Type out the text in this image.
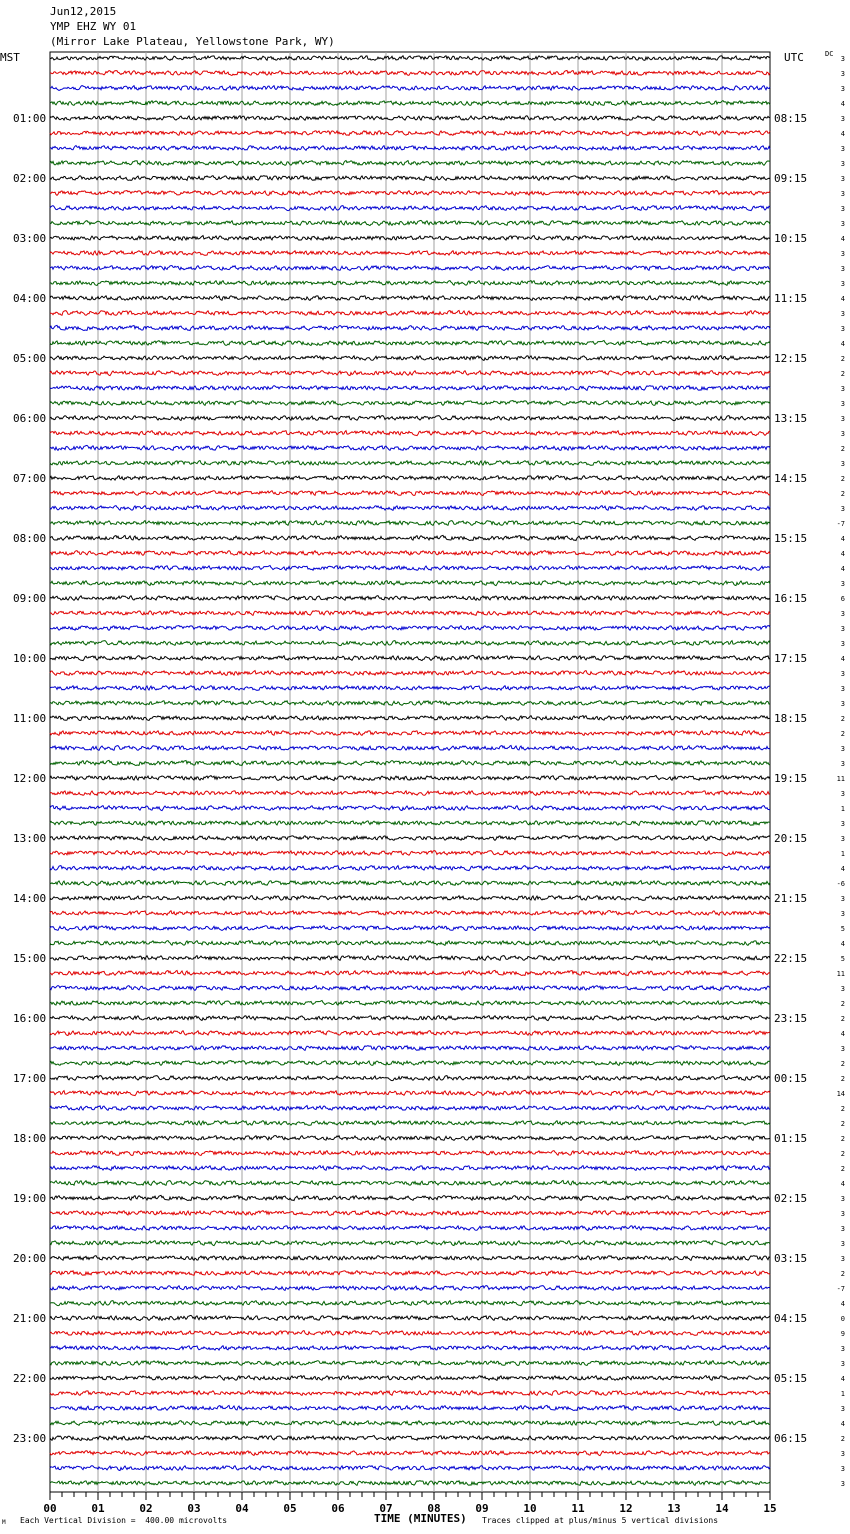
Jun12,2015
YMP EHZ WY 01
(Mirror Lake Plateau, Yellowstone Park, WY)
MST	UTC
01:00
02:00
03:00
04:00
05:00
06:00
07:00
08:00
09:00
10:00
11:00
12:00
13:00
14:00
15:00
16:00
17:00
18:00
19:00
20:00
21:00
22:00
23:00
08:15
09:15
10:15
11:15
12:15
13:15
14:15
15:15
16:15
17:15
18:15
19:15
20:15
21:15
22:15
23:15
00:15
01:15
02:15
03:15
04:15
05:15
06:15
DC
3
3
3
4
3
4
3
3
3
3
3
3
4
3
3
3
4
3
3
4
2
2
3
3
3
3
2
3
2
2
3
-7
4
4
4
3
6
3
3
3
4
3
3
3
2
2
3
3
11
3
1
3
3
1
4
-6
3
3
5
4
5
11
3
2
2
4
3
2
2
14
2
2
2
2
2
4
3
3
3
3
3
2
-7
4
0
9
3
3
4
1
3
4
2
3
3
3
00	01	02	03	04	05	06	07	08	09	10	11	12	13	14	15
TIME (MINUTES)
Each Vertical Division =  400.00 microvolts	Traces clipped at plus/minus 5 vertical divisions
M
